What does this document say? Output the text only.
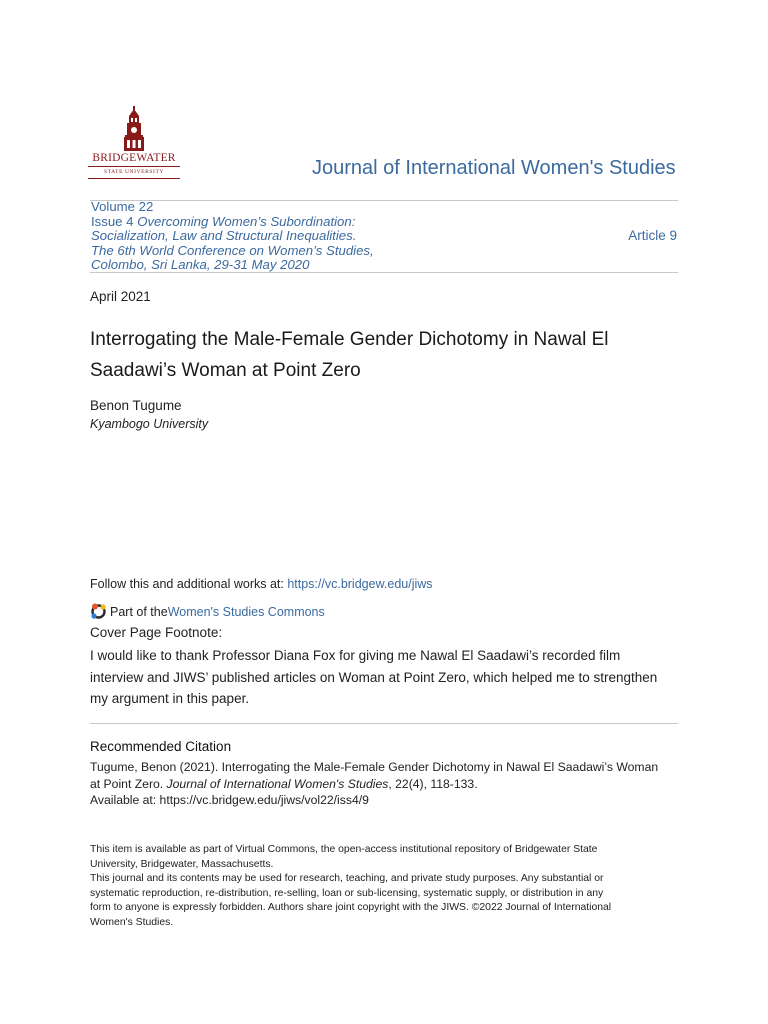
BRIDGEWATER
STATE UNIVERSITY	Journal of International Women's Studies
Volume 22
Issue 4 Overcoming Women’s Subordination:
Socialization, Law and Structural Inequalities.
The 6th World Conference on Women’s Studies,
Colombo, Sri Lanka, 29-31 May 2020
Article 9
April 2021
Interrogating the Male-Female Gender Dichotomy in Nawal El
Saadawi’s Woman at Point Zero
Benon Tugume
Kyambogo University
Follow this and additional works at: https://vc.bridgew.edu/jiws
Part of the Women's Studies Commons
Cover Page Footnote:
I would like to thank Professor Diana Fox for giving me Nawal El Saadawi’s recorded film
interview and JIWS’ published articles on Woman at Point Zero, which helped me to strengthen
my argument in this paper.
Recommended Citation
Tugume, Benon (2021). Interrogating the Male-Female Gender Dichotomy in Nawal El Saadawi’s Woman
at Point Zero. Journal of International Women's Studies, 22(4), 118-133.
Available at: https://vc.bridgew.edu/jiws/vol22/iss4/9
This item is available as part of Virtual Commons, the open-access institutional repository of Bridgewater State
University, Bridgewater, Massachusetts.
This journal and its contents may be used for research, teaching, and private study purposes. Any substantial or
systematic reproduction, re-distribution, re-selling, loan or sub-licensing, systematic supply, or distribution in any
form to anyone is expressly forbidden. Authors share joint copyright with the JIWS. ©2022 Journal of International
Women's Studies.
